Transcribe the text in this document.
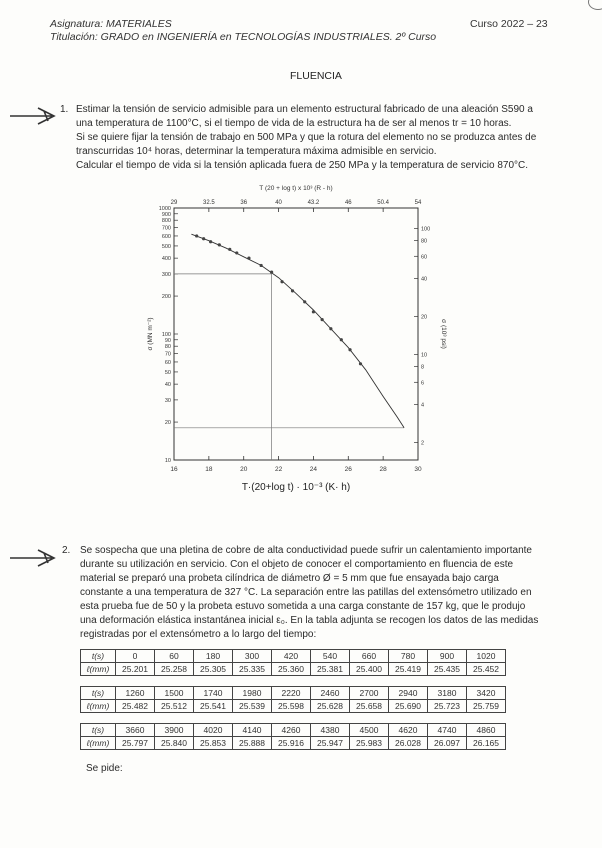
Asignatura: MATERIALES
Titulación: GRADO en INGENIERÍA en TECNOLOGÍAS INDUSTRIALES. 2º Curso
Curso 2022 – 23
FLUENCIA
1. Estimar la tensión de servicio admisible para un elemento estructural fabricado de una aleación S590 a
una temperatura de 1100°C, si el tiempo de vida de la estructura ha de ser al menos tr = 10 horas.
Si se quiere fijar la tensión de trabajo en 500 MPa y que la rotura del elemento no se produzca antes de
transcurridas 10⁴ horas, determinar la temperatura máxima admisible en servicio.
Calcular el tiempo de vida si la tensión aplicada fuera de 250 MPa y la temperatura de servicio 870°C.
T (20 + log t) x 10³ (R - h)
16	18	20	22	24	26	28	30
29	32.5	36	40	43.2	46	50.4	54
1000
900
800
700
600
500
400
300
200
100
90
80
70
60
50
40
30
20
10
100
80
60
40
20
10
8
6
4
2
σ (MN m⁻²)	σ (10³ psi)
T·(20+log t) · 10⁻³ (K· h)
2. Se sospecha que una pletina de cobre de alta conductividad puede sufrir un calentamiento importante
durante su utilización en servicio. Con el objeto de conocer el comportamiento en fluencia de este
material se preparó una probeta cilíndrica de diámetro Ø = 5 mm que fue ensayada bajo carga
constante a una temperatura de 327 °C. La separación entre las patillas del extensómetro utilizado en
esta prueba fue de 50 y la probeta estuvo sometida a una carga constante de 157 kg, que le produjo
una deformación elástica instantánea inicial ε₀. En la tabla adjunta se recogen los datos de las medidas
registradas por el extensómetro a lo largo del tiempo:
t(s)	0	60	180	300	420	540	660	780	900	1020
ℓ(mm)	25.201	25.258	25.305	25.335	25.360	25.381	25.400	25.419	25.435	25.452
t(s)	1260	1500	1740	1980	2220	2460	2700	2940	3180	3420
ℓ(mm)	25.482	25.512	25.541	25.539	25.598	25.628	25.658	25.690	25.723	25.759
t(s)	3660	3900	4020	4140	4260	4380	4500	4620	4740	4860
ℓ(mm)	25.797	25.840	25.853	25.888	25.916	25.947	25.983	26.028	26.097	26.165
Se pide:
